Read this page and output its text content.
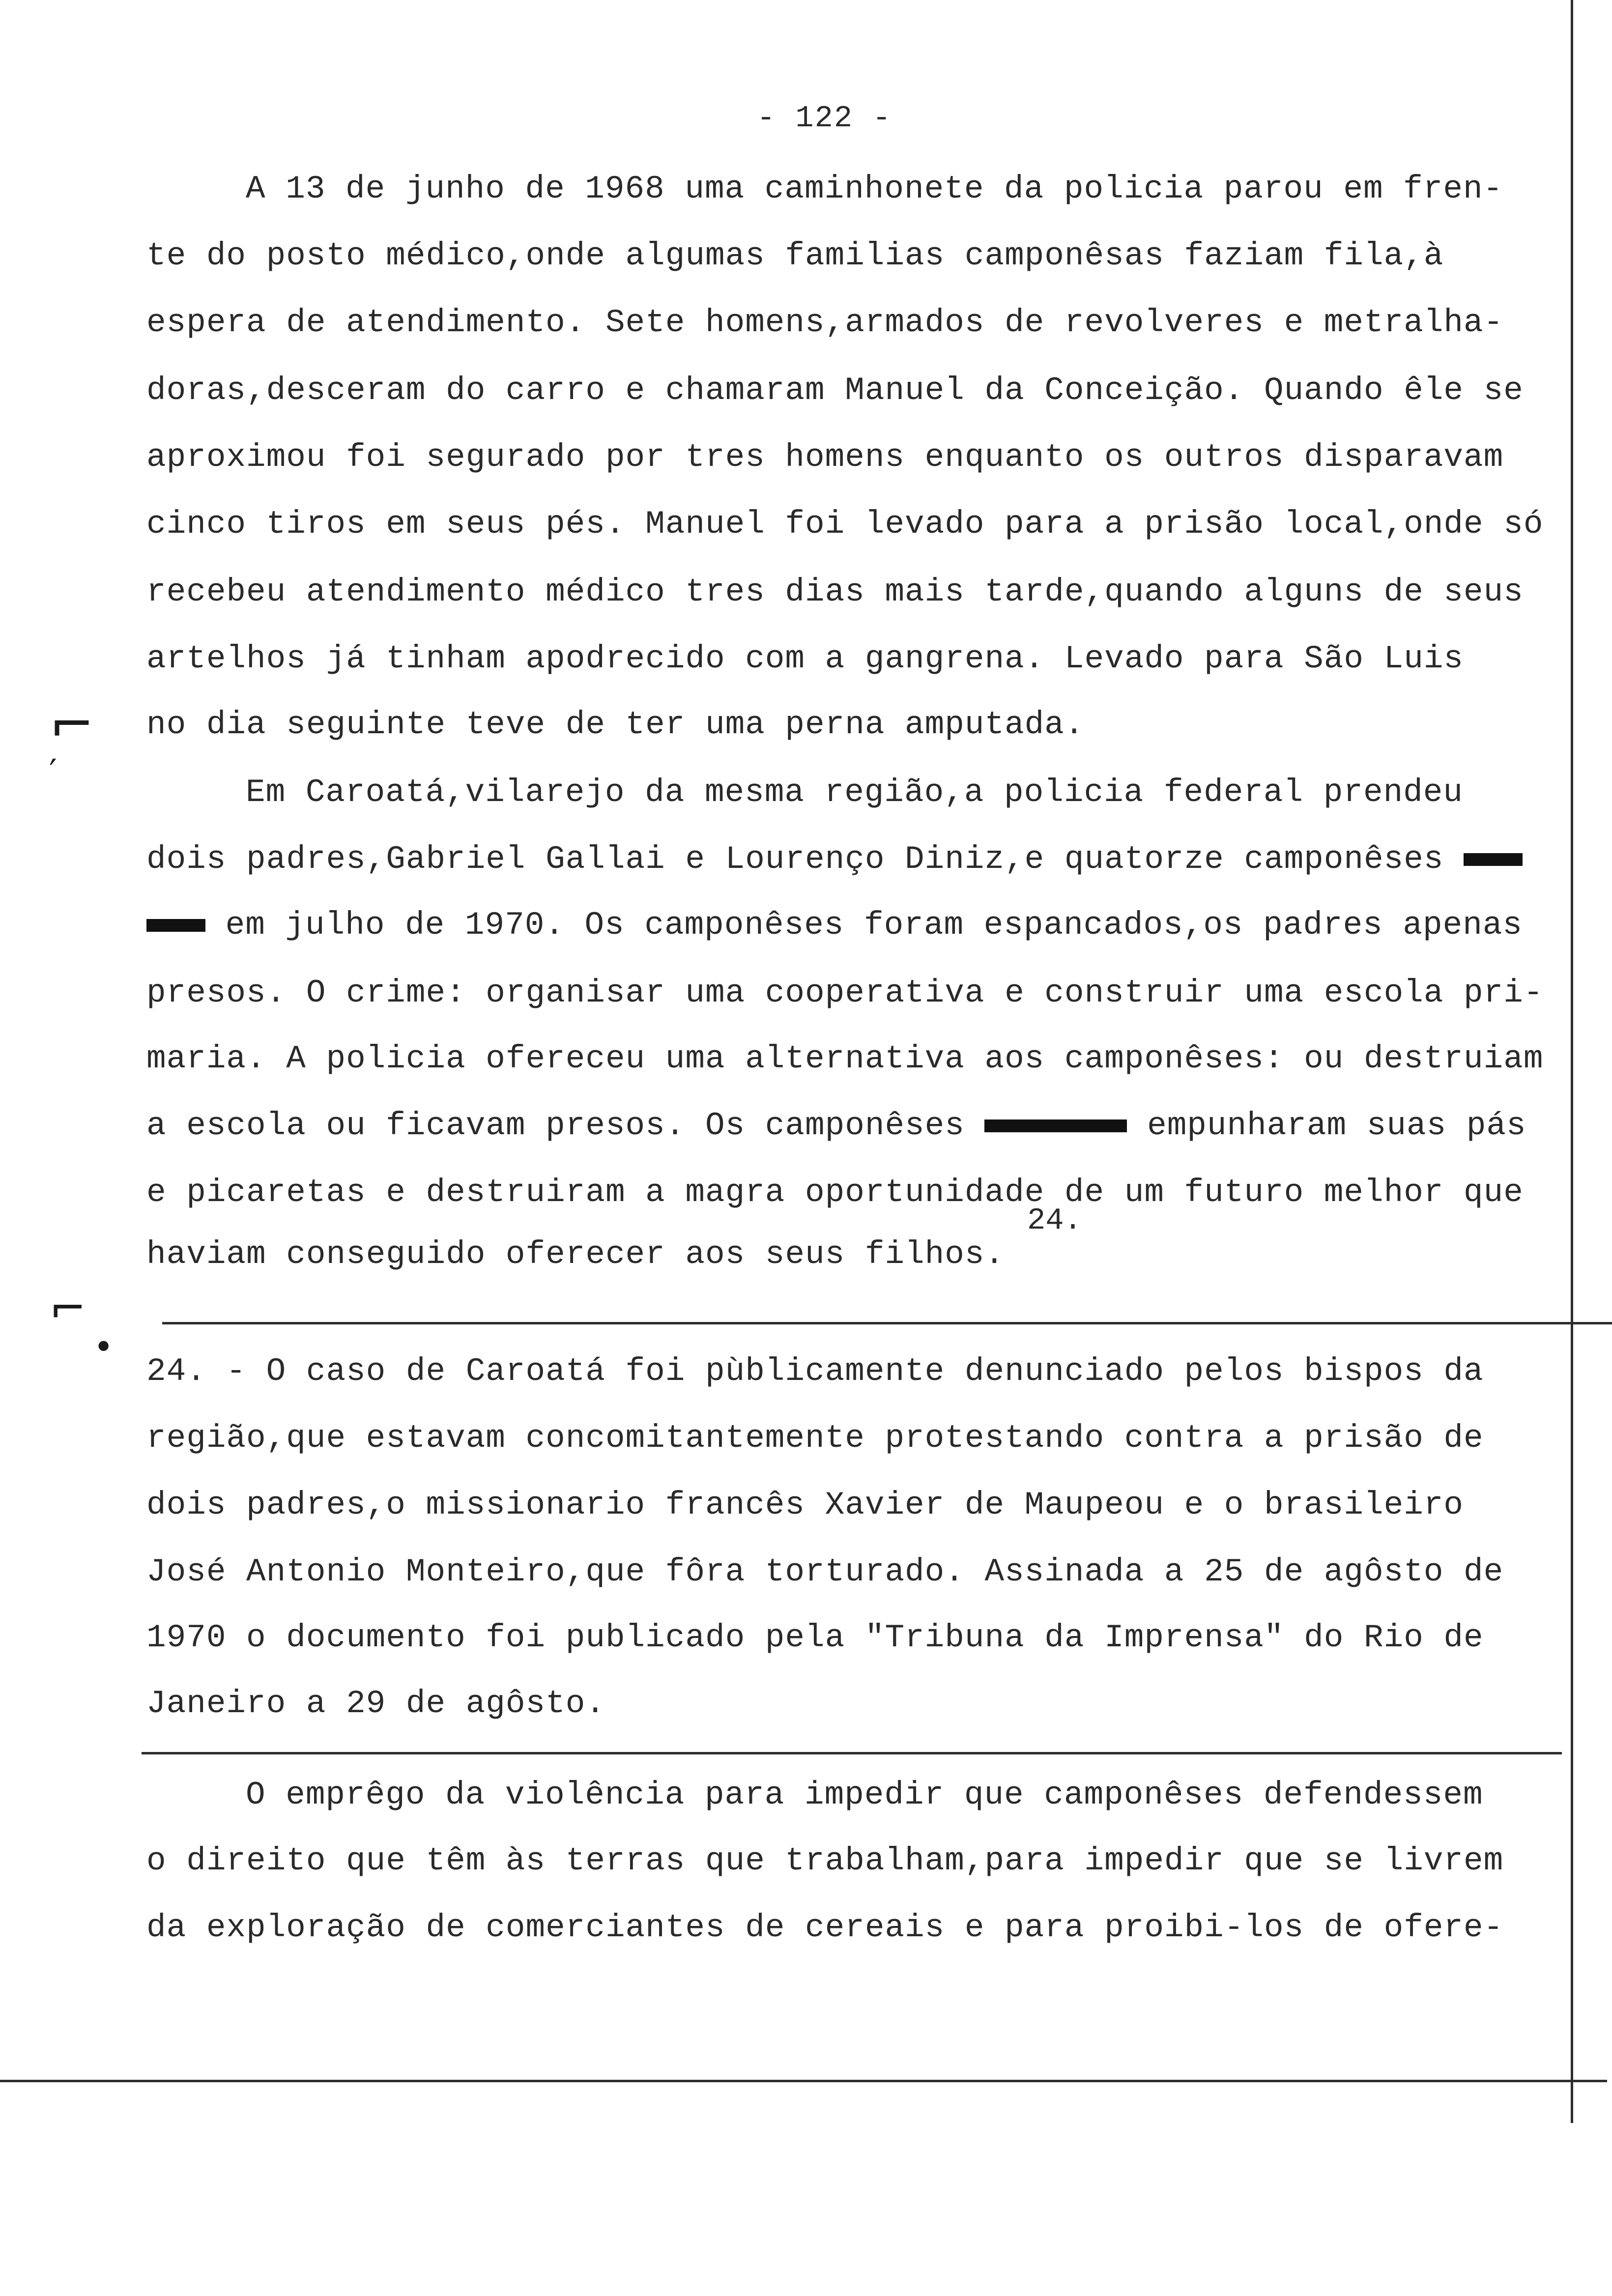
- 122 -
A 13 de junho de 1968 uma caminhonete da policia parou em fren-
te do posto médico,onde algumas familias camponêsas faziam fila,à
espera de atendimento. Sete homens,armados de revolveres e metralha-
doras,desceram do carro e chamaram Manuel da Conceição. Quando êle se
aproximou foi segurado por tres homens enquanto os outros disparavam
cinco tiros em seus pés. Manuel foi levado para a prisão local,onde só
recebeu atendimento médico tres dias mais tarde,quando alguns de seus
artelhos já tinham apodrecido com a gangrena. Levado para São Luis
no dia seguinte teve de ter uma perna amputada.
Em Caroatá,vilarejo da mesma região,a policia federal prendeu
dois padres,Gabriel Gallai e Lourenço Diniz,e quatorze camponêses
em julho de 1970. Os camponêses foram espancados,os padres apenas
presos. O crime: organisar uma cooperativa e construir uma escola pri-
maria. A policia ofereceu uma alternativa aos camponêses: ou destruiam
a escola ou ficavam presos. Os camponêses	empunharam suas pás
e picaretas e destruiram a magra oportunidade de um futuro melhor que
24.
haviam conseguido oferecer aos seus filhos.
24. - O caso de Caroatá foi pùblicamente denunciado pelos bispos da
região,que estavam concomitantemente protestando contra a prisão de
dois padres,o missionario francês Xavier de Maupeou e o brasileiro
José Antonio Monteiro,que fôra torturado. Assinada a 25 de agôsto de
1970 o documento foi publicado pela "Tribuna da Imprensa" do Rio de
Janeiro a 29 de agôsto.
O emprêgo da violência para impedir que camponêses defendessem
o direito que têm às terras que trabalham,para impedir que se livrem
da exploração de comerciantes de cereais e para proibi-los de ofere-
⌐
′
⌐
•
